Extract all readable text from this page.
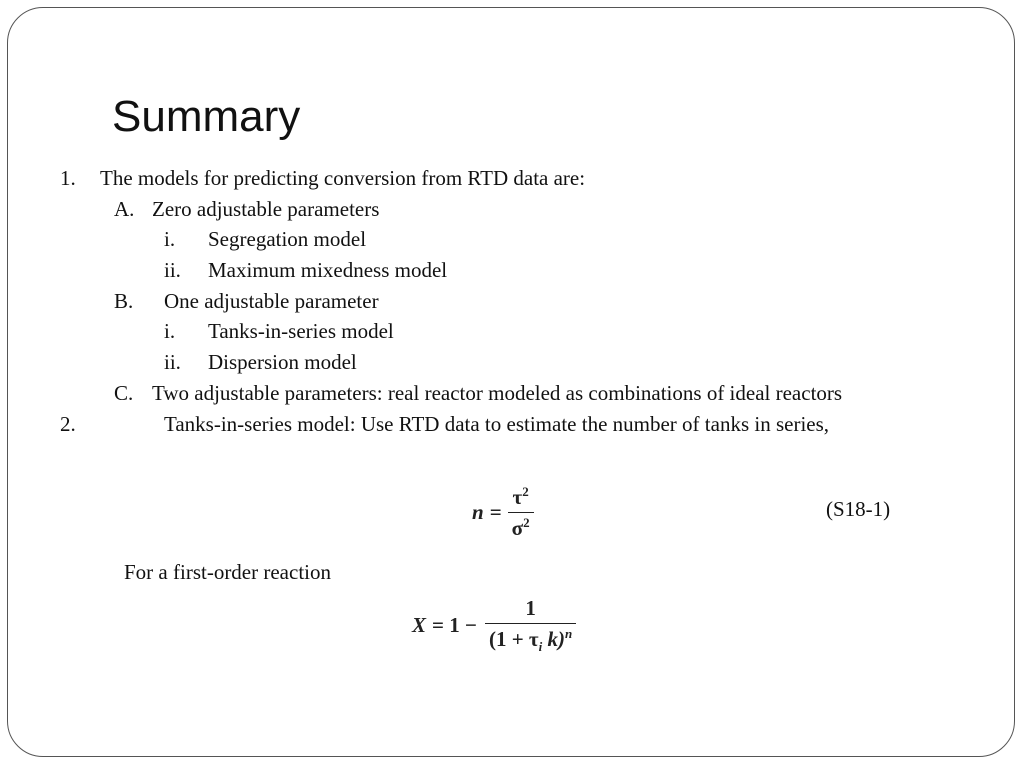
Summary
1. The models for predicting conversion from RTD data are:
A. Zero adjustable parameters
i. Segregation model
ii. Maximum mixedness model
B. One adjustable parameter
i. Tanks-in-series model
ii. Dispersion model
C. Two adjustable parameters: real reactor modeled as combinations of ideal reactors
2.	Tanks-in-series model: Use RTD data to estimate the number of tanks in series,
$n = \frac{\tau^2}{\sigma^2}$	(S18-1)
For a first-order reaction
$X = 1 - \frac{1}{(1 + \tau_i k)^n}$
